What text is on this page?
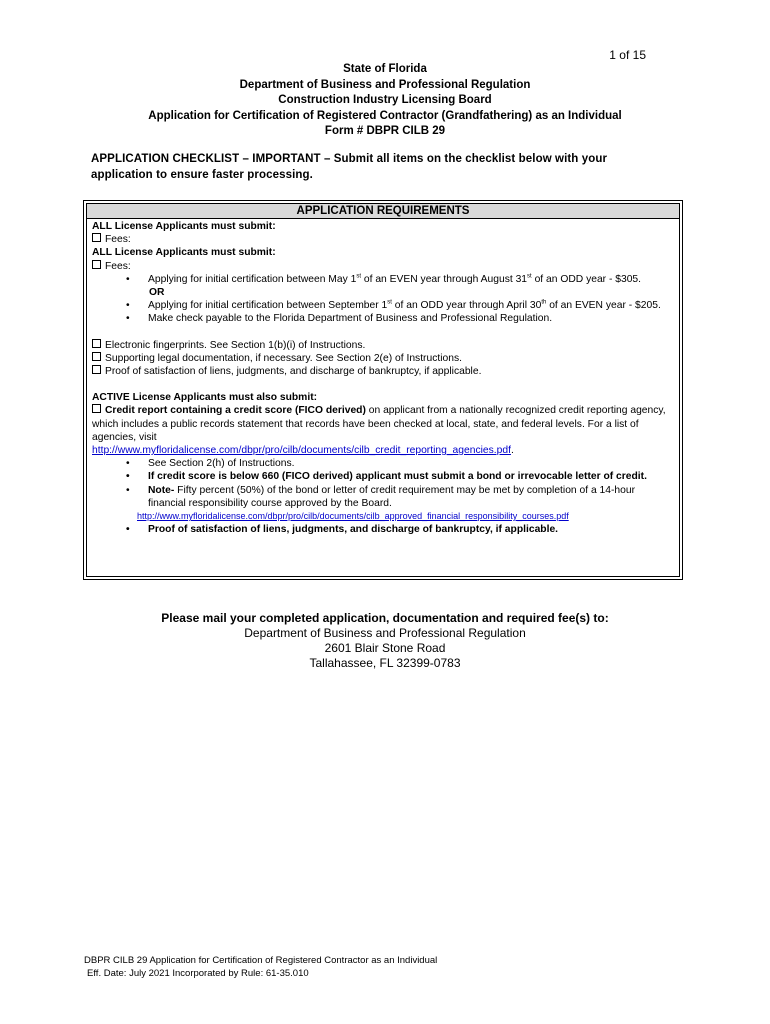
1 of 15
State of Florida
Department of Business and Professional Regulation
Construction Industry Licensing Board
Application for Certification of Registered Contractor (Grandfathering) as an Individual
Form # DBPR CILB 29
APPLICATION CHECKLIST – IMPORTANT – Submit all items on the checklist below with your application to ensure faster processing.
APPLICATION REQUIREMENTS

ALL License Applicants must submit:

Fees:

ALL License Applicants must submit:

Fees:

• Applying for initial certification between May 1st of an EVEN year through August 31st of an ODD year - $305.

OR

• Applying for initial certification between September 1st of an ODD year through April 30th of an EVEN year - $205.

• Make check payable to the Florida Department of Business and Professional Regulation.

Electronic fingerprints. See Section 1(b)(i) of Instructions.

Supporting legal documentation, if necessary. See Section 2(e) of Instructions.

Proof of satisfaction of liens, judgments, and discharge of bankruptcy, if applicable.

ACTIVE License Applicants must also submit:

Credit report containing a credit score (FICO derived) on applicant from a nationally recognized credit reporting agency, which includes a public records statement that records have been checked at local, state, and federal levels. For a list of agencies, visit

http://www.myfloridalicense.com/dbpr/pro/cilb/documents/cilb_credit_reporting_agencies.pdf.

• See Section 2(h) of Instructions.

• If credit score is below 660 (FICO derived) applicant must submit a bond or irrevocable letter of credit.

• Note- Fifty percent (50%) of the bond or letter of credit requirement may be met by completion of a 14-hour financial responsibility course approved by the Board.

http://www.myfloridalicense.com/dbpr/pro/cilb/documents/cilb_approved_financial_responsibility_courses.pdf

• Proof of satisfaction of liens, judgments, and discharge of bankruptcy, if applicable.

Please mail your completed application, documentation and required fee(s) to:
Department of Business and Professional Regulation
2601 Blair Stone Road
Tallahassee, FL 32399-0783
DBPR CILB 29 Application for Certification of Registered Contractor as an Individual
Eff. Date: July 2021 Incorporated by Rule: 61-35.010
